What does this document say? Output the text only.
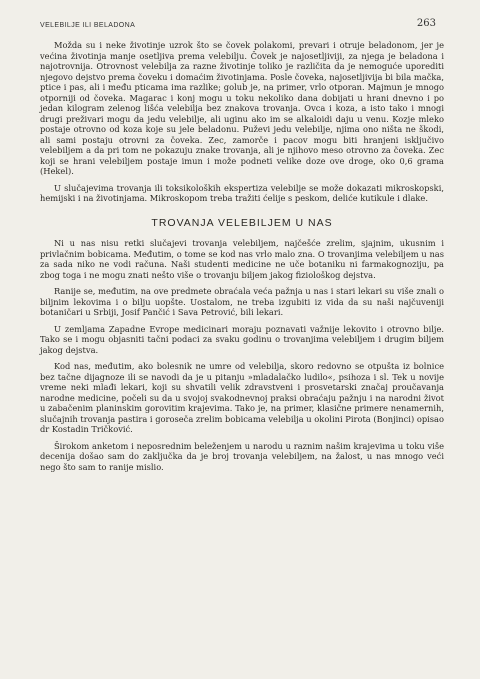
VELEBILJE ILI BELADONA	263

Možda su i neke životinje uzrok što se čovek polakomi, prevari i otruje beladonom, jer je većina životinja manje osetljiva prema velebilju. Čovek je najosetljiviji, za njega je beladona i najotrovnija. Otrovnost velebilja za razne životinje toliko je različita da je nemoguće uporediti njegovo dejstvo prema čoveku i domaćim životinjama. Posle čoveka, najosetljivija bi bila mačka, ptice i pas, ali i među pticama ima razlike; golub je, na primer, vrlo otporan. Majmun je mnogo otporniji od čoveka. Magarac i konj mogu u toku nekoliko dana dobijati u hrani dnevno i po jedan kilogram zelenog lišća velebilja bez znakova trovanja. Ovca i koza, a isto tako i mnogi drugi preživari mogu da jedu velebilje, ali uginu ako im se alkaloidi daju u venu. Kozje mleko postaje otrovno od koza koje su jele beladonu. Puževi jedu velebilje, njima ono ništa ne škodi, ali sami postaju otrovni za čoveka. Zec, zamorče i pacov mogu biti hranjeni isključivo velebiljem a da pri tom ne pokazuju znake trovanja, ali je njihovo meso otrovno za čoveka. Zec koji se hrani velebiljem postaje imun i može podneti velike doze ove droge, oko 0,6 grama (Hekel).

U slučajevima trovanja ili toksikoloških ekspertiza velebilje se može dokazati mikroskopski, hemijski i na životinjama. Mikroskopom treba tražiti ćelije s peskom, deliće kutikule i dlake.

TROVANJA VELEBILJEM U NAS

Ni u nas nisu retki slučajevi trovanja velebiljem, najčešće zrelim, sjajnim, ukusnim i privlačnim bobicama. Međutim, o tome se kod nas vrlo malo zna. O trovanjima velebiljem u nas za sada niko ne vodi računa. Naši studenti medicine ne uče botaniku ni farmakognoziju, pa zbog toga i ne mogu znati nešto više o trovanju biljem jakog fiziološkog dejstva.

Ranije se, međutim, na ove predmete obraćala veća pažnja u nas i stari lekari su više znali o biljnim lekovima i o bilju uopšte. Uostalom, ne treba izgubiti iz vida da su naši najčuveniji botaničari u Srbiji, Josif Pančić i Sava Petrović, bili lekari.

U zemljama Zapadne Evrope medicinari moraju poznavati važnije lekovito i otrovno bilje. Tako se i mogu objasniti tačni podaci za svaku godinu o trovanjima velebiljem i drugim biljem jakog dejstva.

Kod nas, međutim, ako bolesnik ne umre od velebilja, skoro redovno se otpušta iz bolnice bez tačne dijagnoze ili se navodi da je u pitanju »mladalačko ludilo«, psihoza i sl. Tek u novije vreme neki mlađi lekari, koji su shvatili velik zdravstveni i prosvetarski značaj proučavanja narodne medicine, počeli su da u svojoj svakodnevnoj praksi obraćaju pažnju i na narodni život u zabačenim planinskim gorovitim krajevima. Tako je, na primer, klasične primere nenamernih, slučajnih trovanja pastira i goroseča zrelim bobicama velebilja u okolini Pirota (Bonjinci) opisao dr Kostadin Tričković.

Širokom anketom i neposrednim beleženjem u narodu u raznim našim krajevima u toku više decenija došao sam do zaključka da je broj trovanja velebiljem, na žalost, u nas mnogo veći nego što sam to ranije mislio.
